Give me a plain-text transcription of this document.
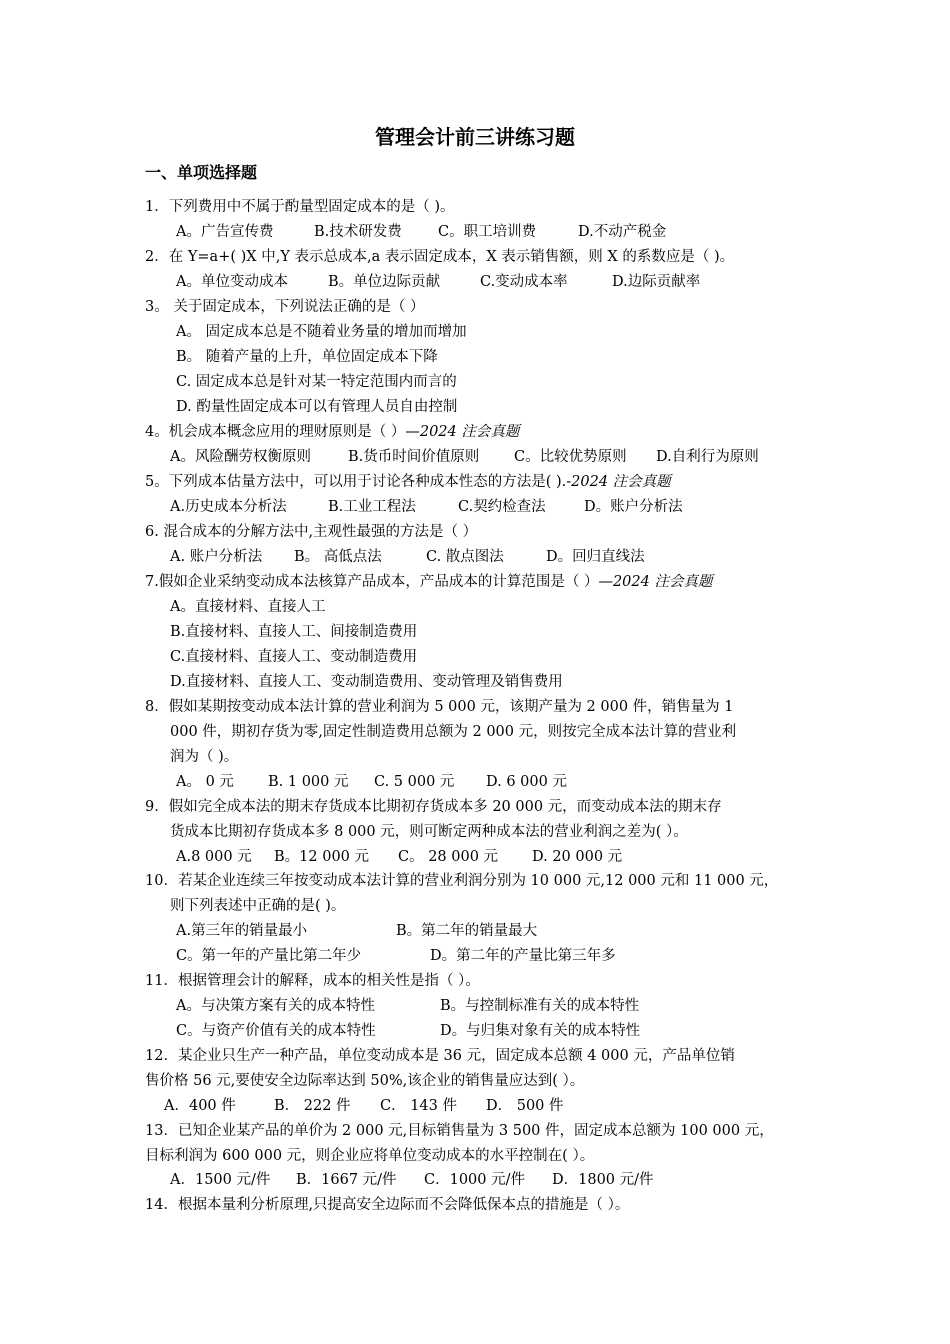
管理会计前三讲练习题
一、单项选择题
1．下列费用中不属于酌量型固定成本的是（ )。
A。广告宣传费	B.技术研发费 C。职工培训费	D.不动产税金
2．在 Y=a+( )X 中,Y 表示总成本,a 表示固定成本，X 表示销售额，则 X 的系数应是（ )。
A。单位变动成本	B。单位边际贡献	C.变动成本率	D.边际贡献率
3。 关于固定成本，下列说法正确的是（ ）
A。 固定成本总是不随着业务量的增加而增加
B。 随着产量的上升，单位固定成本下降
C. 固定成本总是针对某一特定范围内而言的
D. 酌量性固定成本可以有管理人员自由控制
4。机会成本概念应用的理财原则是（ ）—2024 注会真题
A。风险酬劳权衡原则	B.货币时间价值原则 C。比较优势原则 D.自利行为原则
5。下列成本估量方法中，可以用于讨论各种成本性态的方法是( ).-2024 注会真题
A.历史成本分析法	B.工业工程法	C.契约检查法	D。账户分析法
6. 混合成本的分解方法中,主观性最强的方法是（ ）
A. 账户分析法 B。 高低点法	C. 散点图法	D。回归直线法
7.假如企业采纳变动成本法核算产品成本，产品成本的计算范围是（ ）—2024 注会真题
A。直接材料、直接人工
B.直接材料、直接人工、间接制造费用
C.直接材料、直接人工、变动制造费用
D.直接材料、直接人工、变动制造费用、变动管理及销售费用
8．假如某期按变动成本法计算的营业利润为 5 000 元，该期产量为 2 000 件，销售量为 1
000 件，期初存货为零,固定性制造费用总额为 2 000 元，则按完全成本法计算的营业利
润为（ )。
A。 0 元 B. 1 000 元 C. 5 000 元 D. 6 000 元
9．假如完全成本法的期末存货成本比期初存货成本多 20 000 元，而变动成本法的期末存
货成本比期初存货成本多 8 000 元，则可断定两种成本法的营业利润之差为( ）。
A.8 000 元 B。12 000 元 C。 28 000 元 D. 20 000 元
10．若某企业连续三年按变动成本法计算的营业利润分别为 10 000 元,12 000 元和 11 000 元，
则下列表述中正确的是( )。
A.第三年的销量最小	B。第二年的销量最大
C。第一年的产量比第二年少	D。第二年的产量比第三年多
11．根据管理会计的解释，成本的相关性是指（ ）。
A。与决策方案有关的成本特性	B。与控制标准有关的成本特性
C。与资产价值有关的成本特性	D。与归集对象有关的成本特性
12．某企业只生产一种产品，单位变动成本是 36 元，固定成本总额 4 000 元，产品单位销
售价格 56 元,要使安全边际率达到 50%,该企业的销售量应达到( ）。
A．400 件	B． 222 件 C． 143 件 D． 500 件
13．已知企业某产品的单价为 2 000 元,目标销售量为 3 500 件，固定成本总额为 100 000 元，
目标利润为 600 000 元，则企业应将单位变动成本的水平控制在( ）。
A．1500 元/件 B．1667 元/件 C．1000 元/件 D．1800 元/件
14．根据本量利分析原理,只提高安全边际而不会降低保本点的措施是（ ）。
